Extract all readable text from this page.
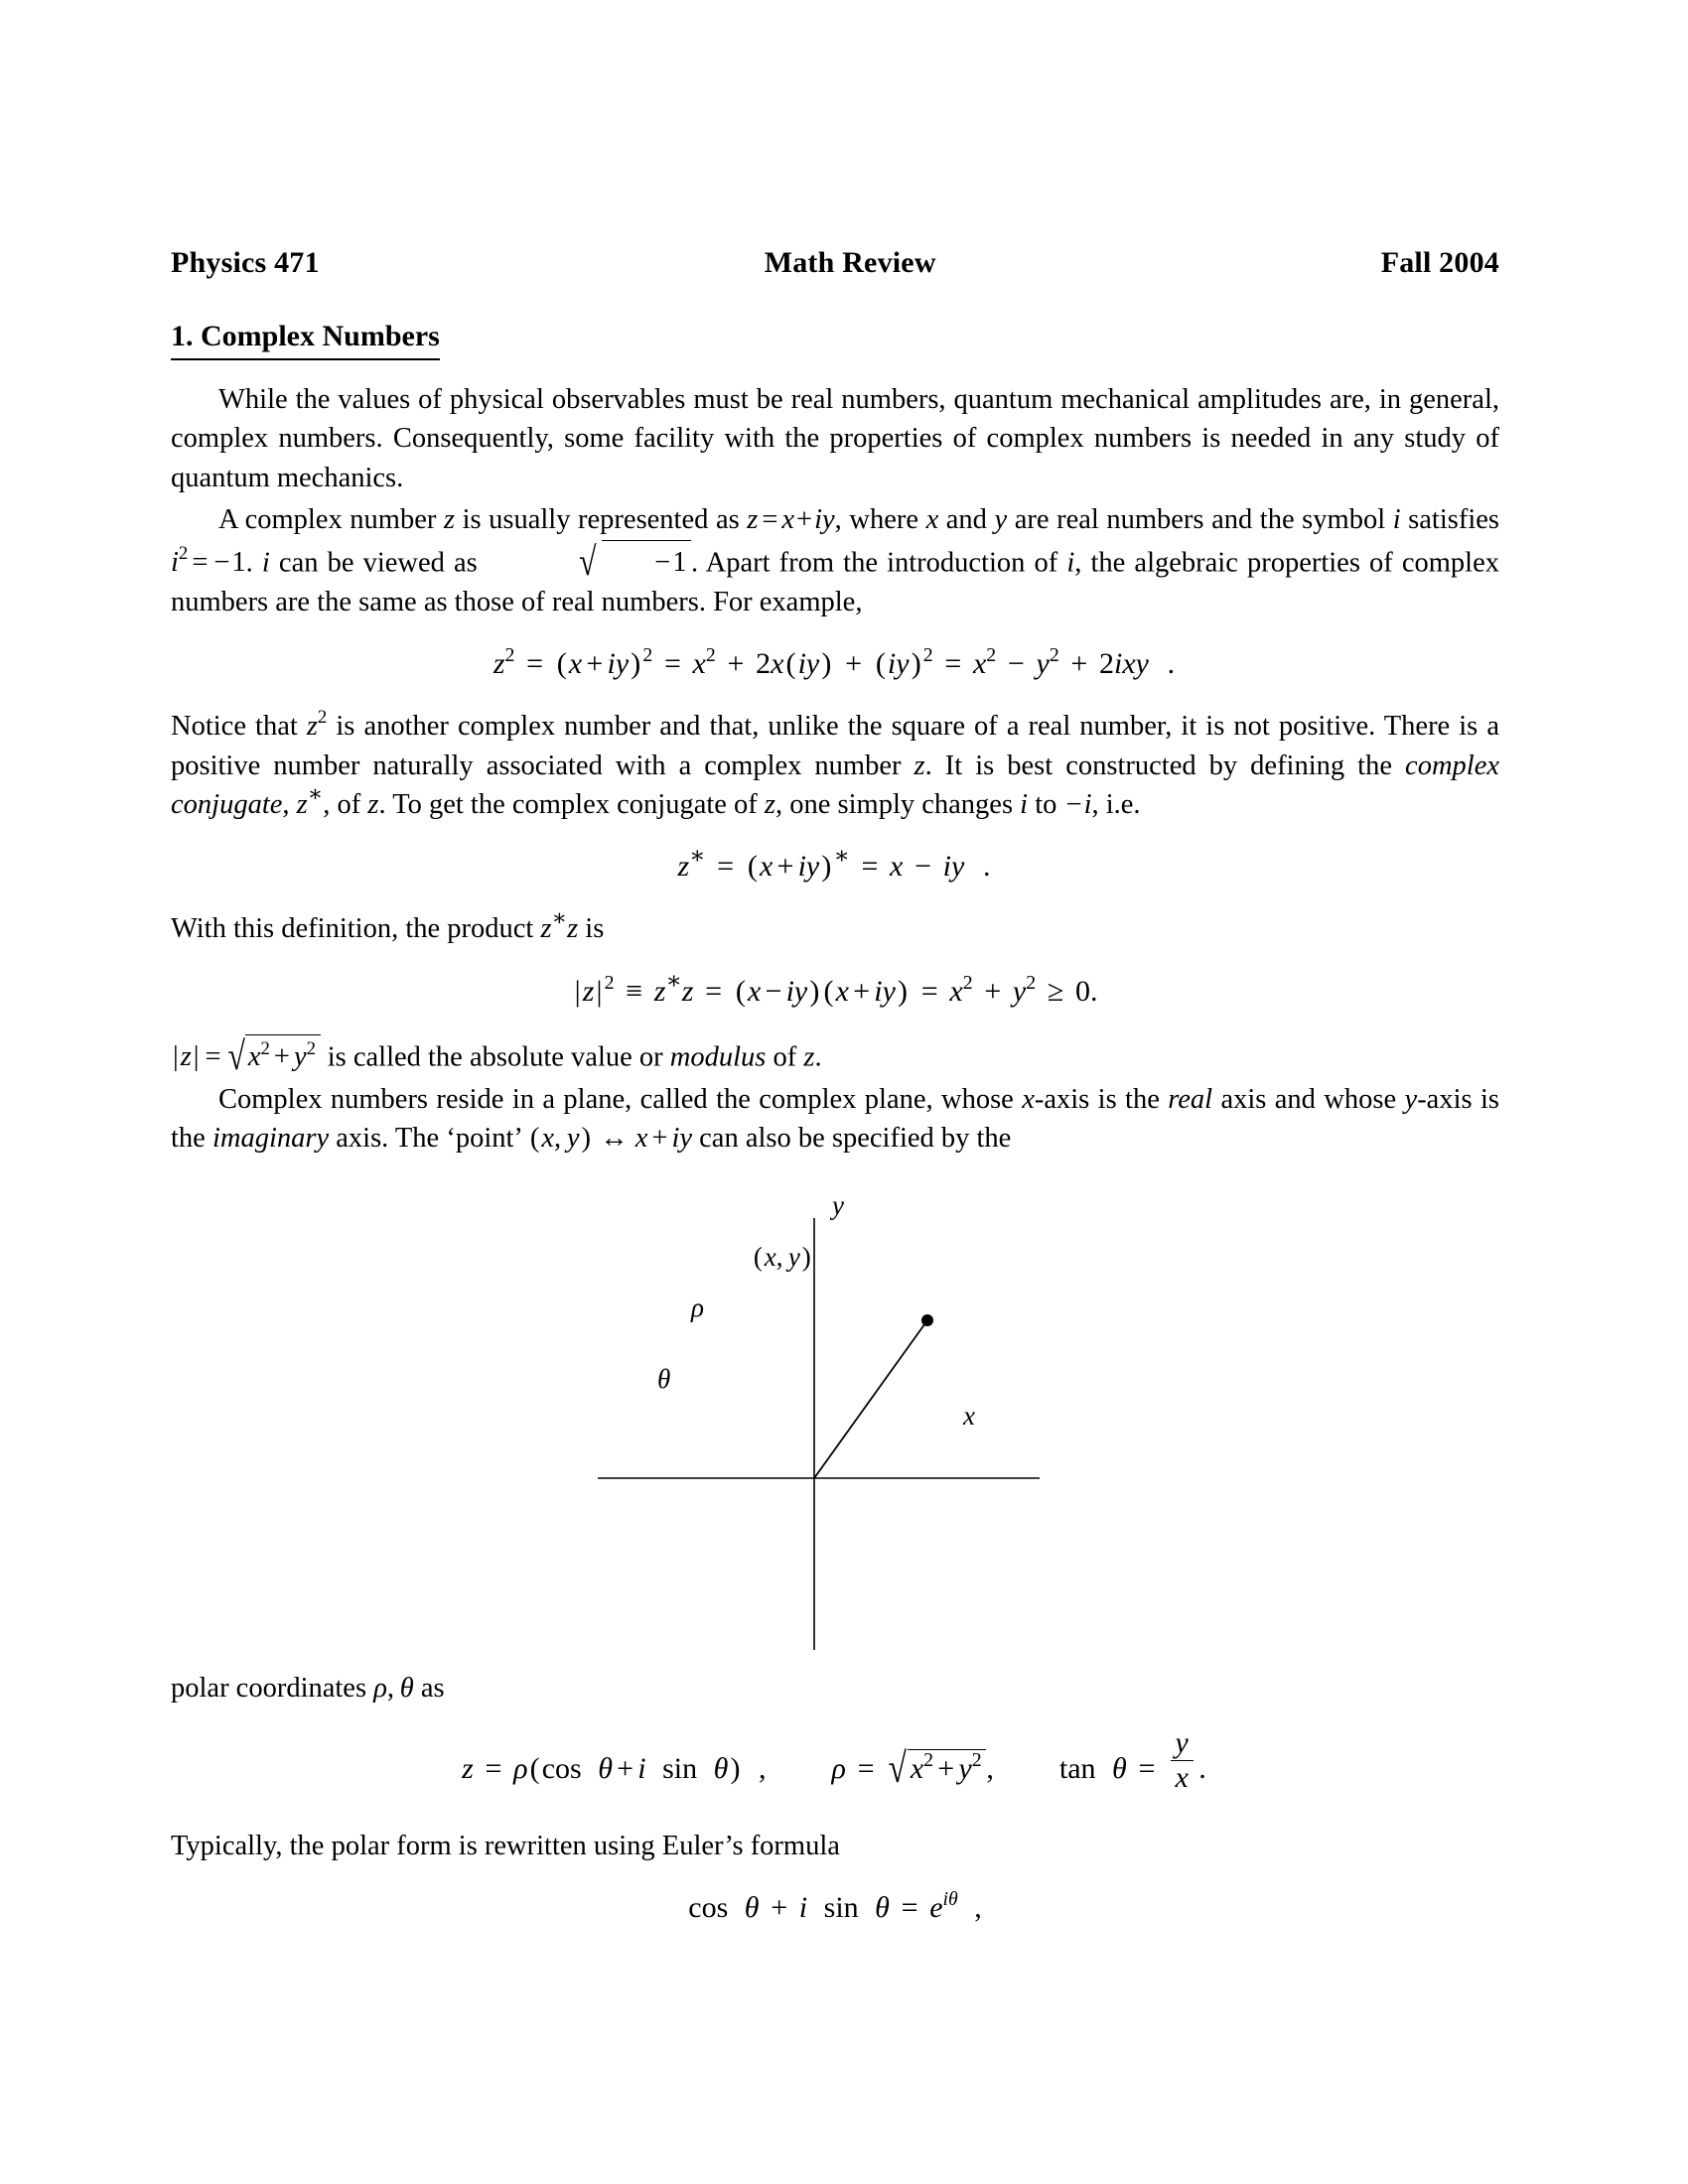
Physics 471	Math Review	Fall 2004
1. Complex Numbers

While the values of physical observables must be real numbers, quantum mechanical amplitudes are, in general, complex numbers. Consequently, some facility with the properties of complex numbers is needed in any study of quantum mechanics.

A complex number z is usually represented as z = x+iy, where x and y are real numbers and the symbol i satisfies $i^2 = -1$. i can be viewed as √ −1 . Apart from the introduction of i, the algebraic properties of complex numbers are the same as those of real numbers. For example,

$z^2 = (x + iy) ^2 = x^2 + 2x(iy) + (iy) ^2 = x^2 - y^2 + 2ixy$ .

Notice that $z^2$ is another complex number and that, unlike the square of a real number, it is not positive. There is a positive number naturally associated with a complex number z. It is best constructed by defining the complex conjugate, z∗, of z. To get the complex conjugate of z, one simply changes i to −i, i.e.

z∗ = (x + iy)∗ = x − iy .

With this definition, the product z∗z is

|z| $^2$ ≡ z∗z = (x − iy) $(x + iy) = x^2 + y^2 \ge 0$.

|z| = √ $x^2 + y^2$ is called the absolute value or modulus of z.

Complex numbers reside in a plane, called the complex plane, whose x-axis is the real axis and whose y-axis is the imaginary axis. The ‘point’ (x, y) ↔ x + iy can also be specified by the

y
x
ρ
θ
(x, y)

polar coordinates ρ, θ as

z = ρ(cos θ + i sin θ) , ρ = √ $x^2 + y^2$ , $\tan \theta = \frac{y}{x}$ .

Typically, the polar form is rewritten using Euler’s formula

cos θ + i $\sin \theta = e^{i\theta}$ ,
